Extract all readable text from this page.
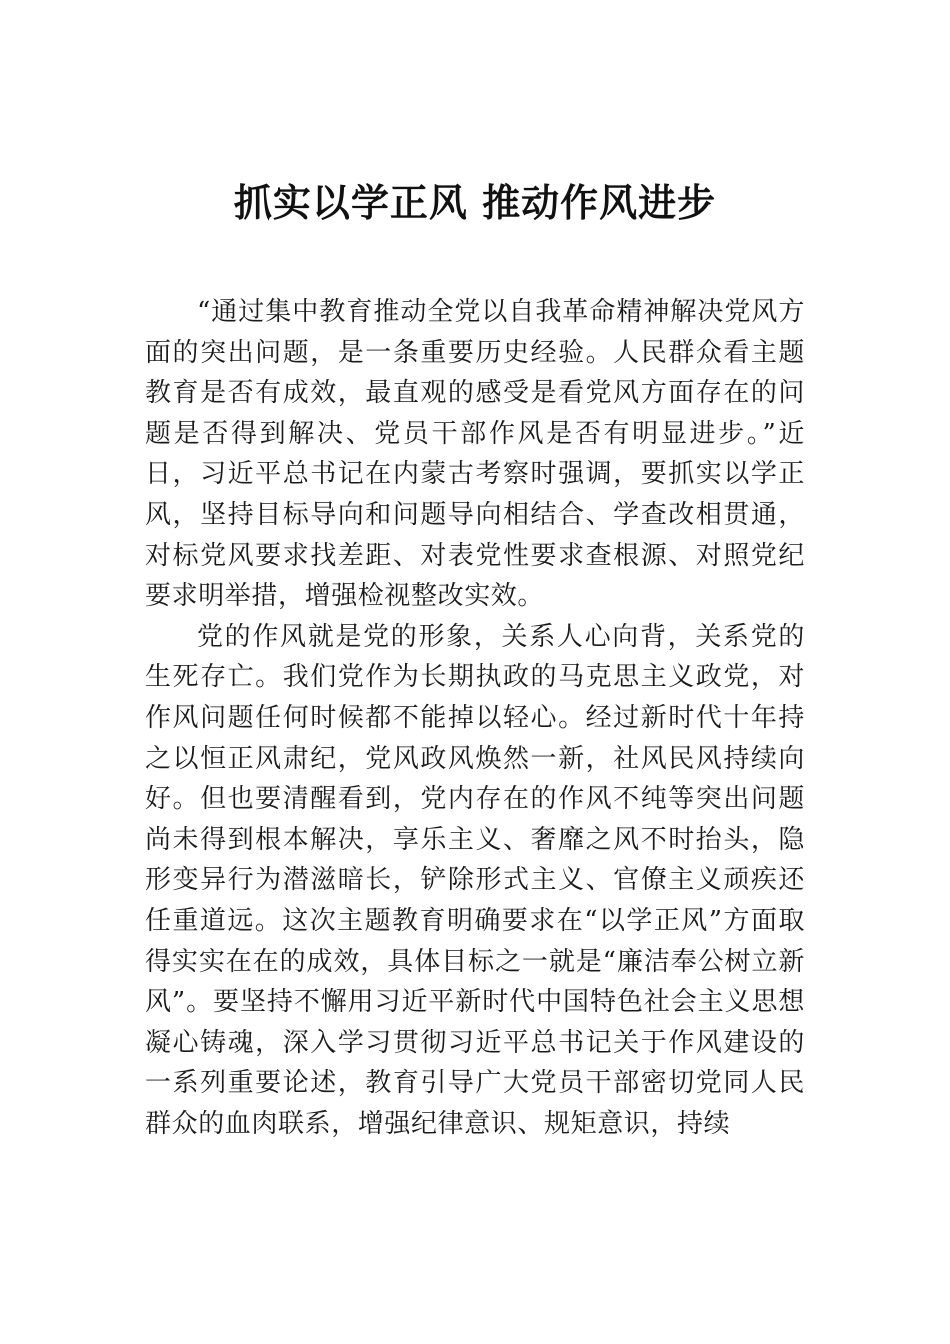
抓实以学正风 推动作风进步

“通过集中教育推动全党以自我革命精神解决党风方面的突出问题，是一条重要历史经验。人民群众看主题教育是否有成效，最直观的感受是看党风方面存在的问题是否得到解决、党员干部作风是否有明显进步。”近日，习近平总书记在内蒙古考察时强调，要抓实以学正风，坚持目标导向和问题导向相结合、学查改相贯通，对标党风要求找差距、对表党性要求查根源、对照党纪要求明举措，增强检视整改实效。

党的作风就是党的形象，关系人心向背，关系党的生死存亡。我们党作为长期执政的马克思主义政党，对作风问题任何时候都不能掉以轻心。经过新时代十年持之以恒正风肃纪，党风政风焕然一新，社风民风持续向好。但也要清醒看到，党内存在的作风不纯等突出问题尚未得到根本解决，享乐主义、奢靡之风不时抬头，隐形变异行为潜滋暗长，铲除形式主义、官僚主义顽疾还任重道远。这次主题教育明确要求在“以学正风”方面取得实实在在的成效，具体目标之一就是“廉洁奉公树立新风”。要坚持不懈用习近平新时代中国特色社会主义思想凝心铸魂，深入学习贯彻习近平总书记关于作风建设的一系列重要论述，教育引导广大党员干部密切党同人民群众的血肉联系，增强纪律意识、规矩意识，持续
